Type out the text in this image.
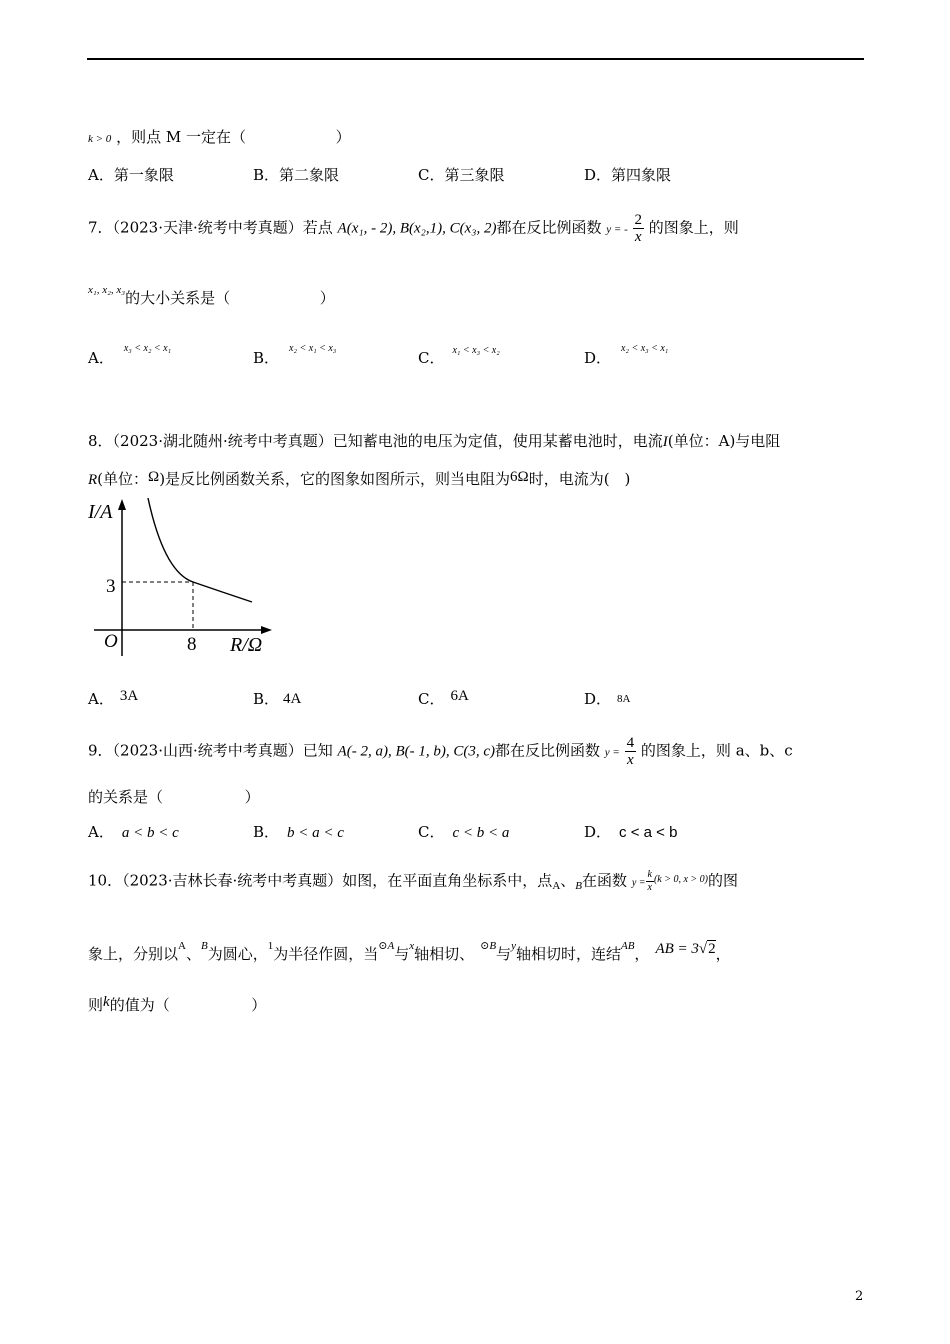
k > 0 ，则点 M 一定在（	）
A．第一象限	B．第二象限	C．第三象限	D．第四象限
7．（2023·天津·统考中考真题）若点 A(x₁, - 2), B(x₂,1), C(x₃, 2)都在反比例函数 y = - $\frac{2}{x}$ 的图象上，则
$^{x_1, x_2, x_3}$的大小关系是（	）
A．$^{x_3 < x_2 < x_1}$
B．$^{x_2 < x_1 < x_3}$
C． $^{x_1 < x_3 < x_2}$	D．$^{x_2 < x_3 < x_1}$
8．（2023·湖北随州·统考中考真题）已知蓄电池的电压为定值，使用某蓄电池时，电流I(单位：A)与电阻
R(单位：Ω)是反比例函数关系，它的图象如图所示，则当电阻为6Ω时，电流为(　)
I/A
3
O	8 R/Ω
A． 3A	B． 4A	C． 6A	D． 8A
9．（2023·山西·统考中考真题）已知 A(- 2, a), B(- 1, b), C(3, c)都在反比例函数 $y = \frac{4}{x}$ 的图象上，则 a、b、c
的关系是（	）
A． a < b < c	B． b < a < c	C． c < b < a	D． c < a < b
10．（2023·吉林长春·统考中考真题）如图，在平面直角坐标系中，点$_A$、$_B$在函数 $y = \frac{k}{x} ^{(k > 0, x > 0)}$的图
象上，分别以$^A$、$^B$为圆心，$^1$为半径作圆，当$^{⊙A}$与$^x$轴相切、 $^{⊙B}$与$^y$轴相切时，连结$^{AB}$， AB = 3√2，
则k的值为（	）
2
